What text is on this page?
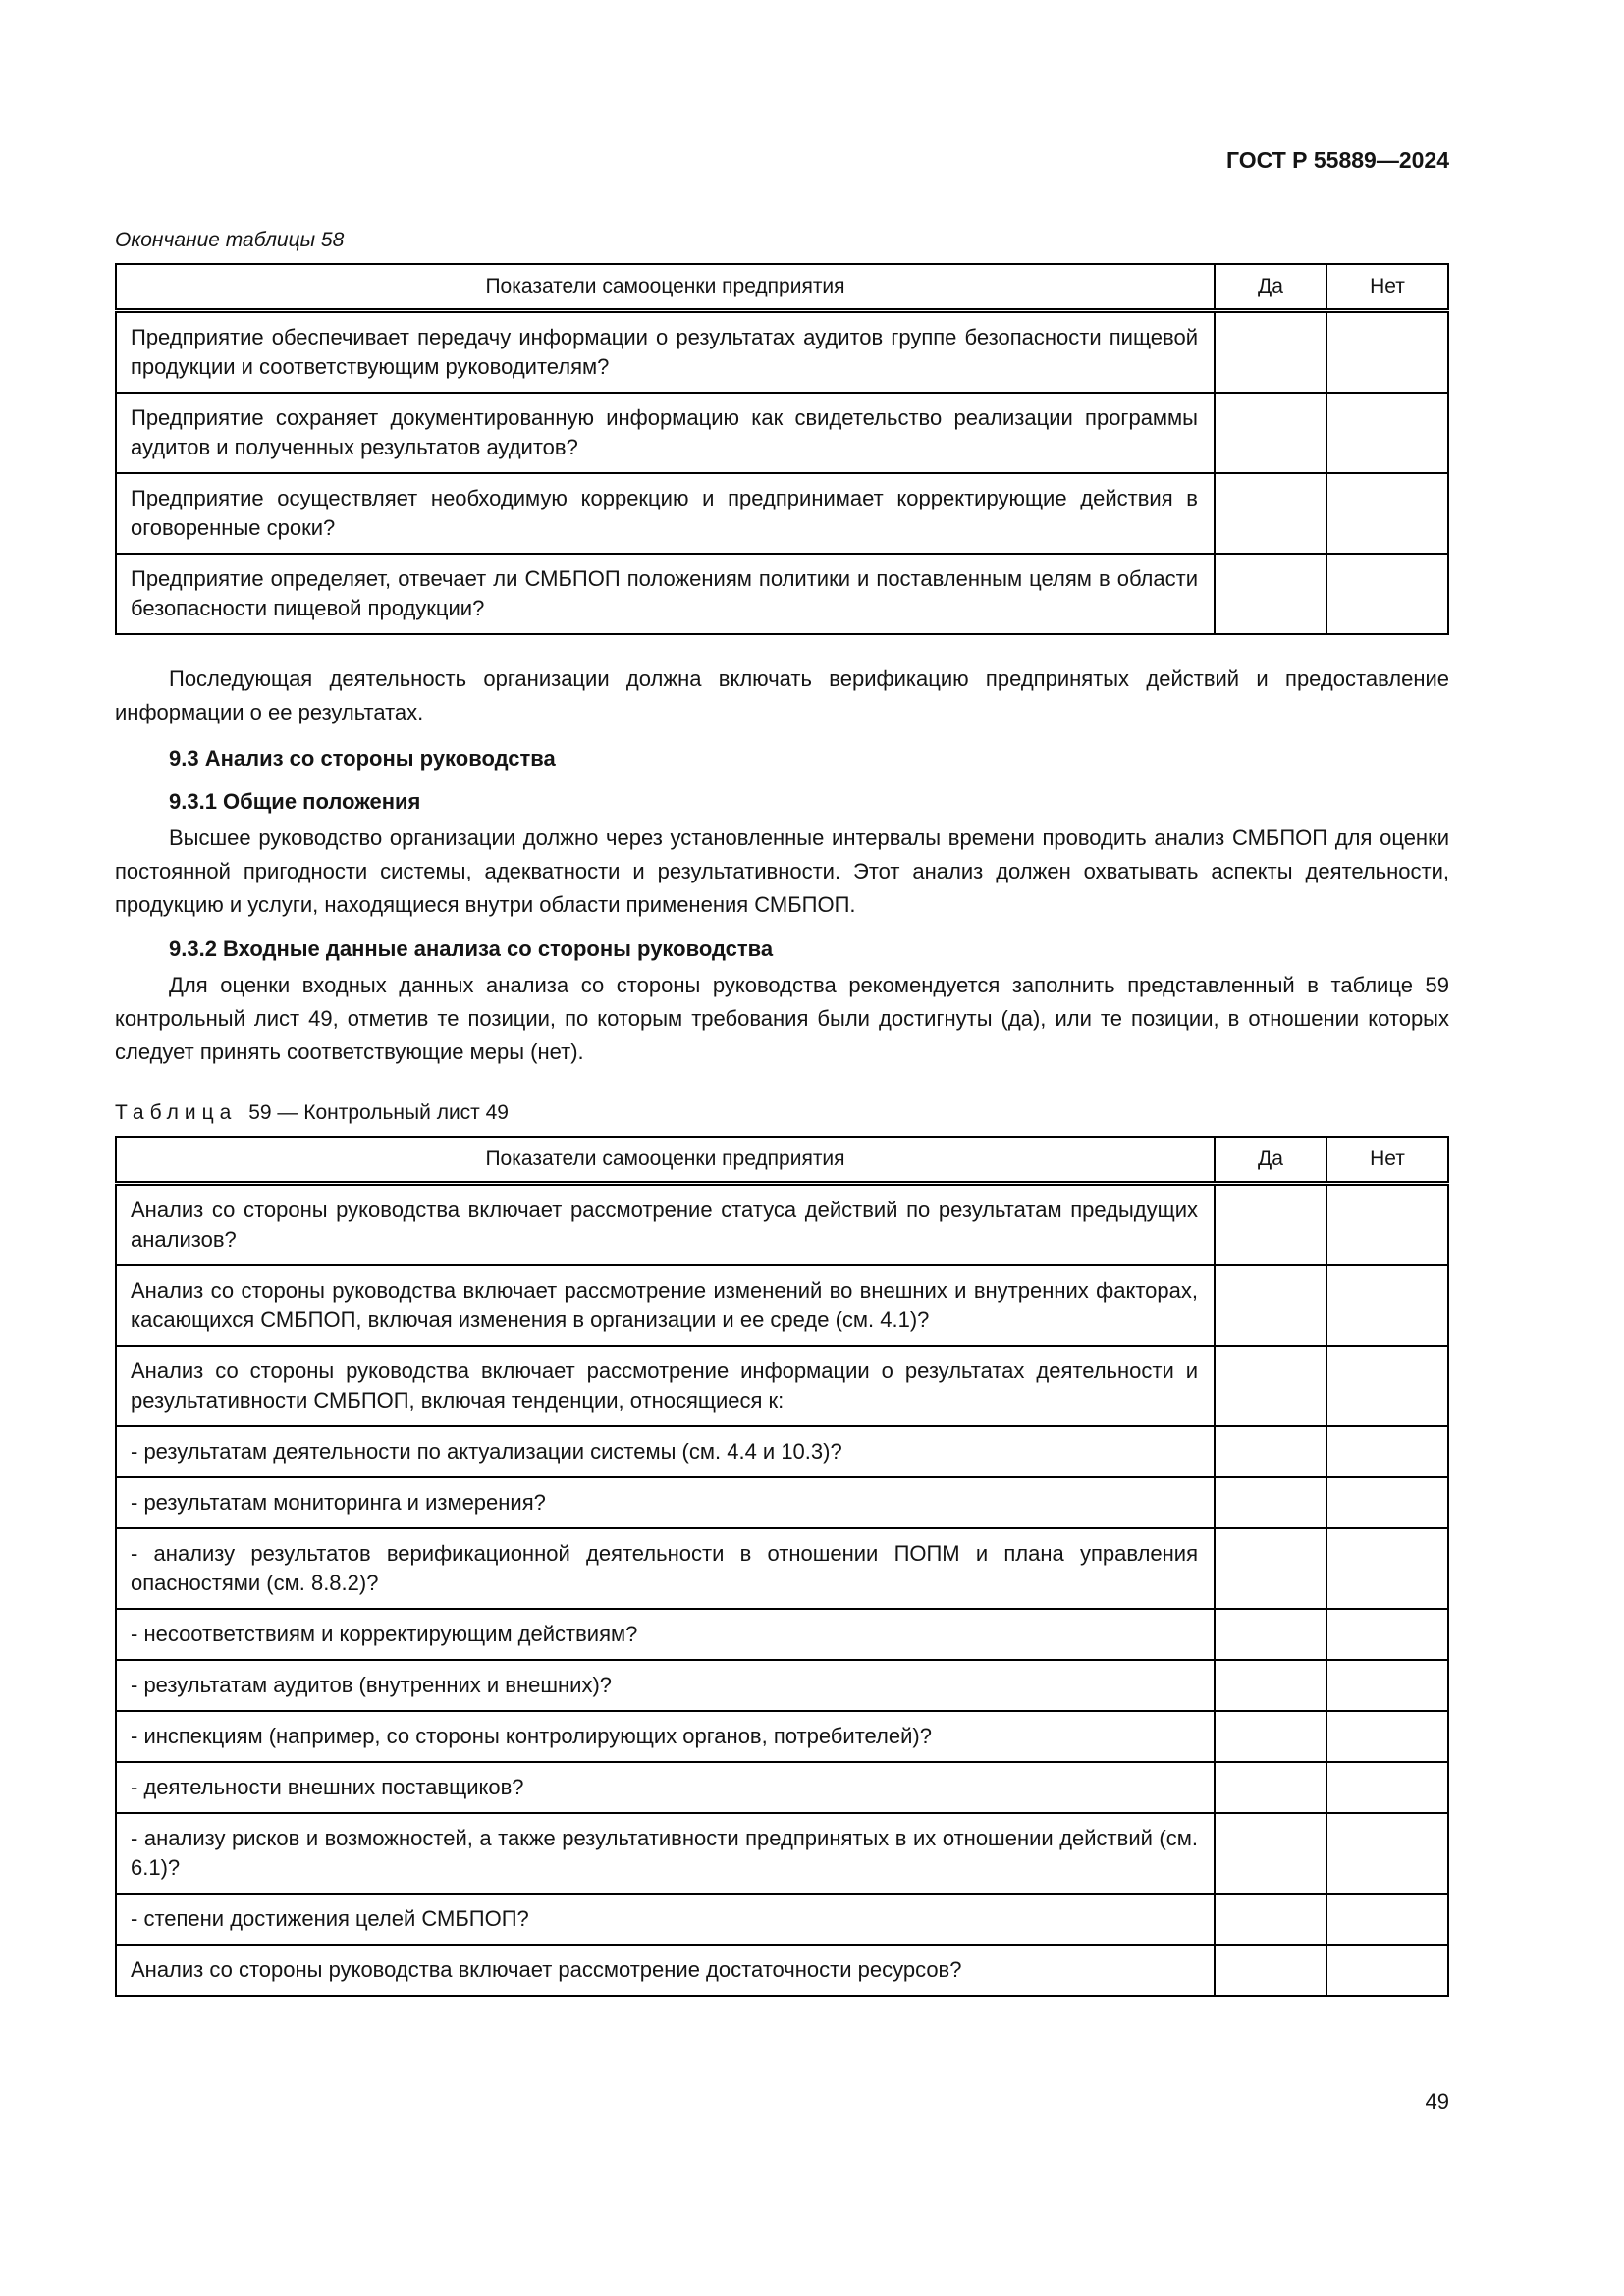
ГОСТ Р 55889—2024

Окончание таблицы 58

Показатели самооценки предприятия	Да	Нет
Предприятие обеспечивает передачу информации о результатах аудитов группе безопасности пищевой продукции и соответствующим руководителям?		
Предприятие сохраняет документированную информацию как свидетельство реализации программы аудитов и полученных результатов аудитов?		
Предприятие осуществляет необходимую коррекцию и предпринимает корректирующие действия в оговоренные сроки?		
Предприятие определяет, отвечает ли СМБПОП положениям политики и поставленным целям в области безопасности пищевой продукции?		

Последующая деятельность организации должна включать верификацию предпринятых действий и предоставление информации о ее результатах.

9.3 Анализ со стороны руководства

9.3.1 Общие положения

Высшее руководство организации должно через установленные интервалы времени проводить анализ СМБПОП для оценки постоянной пригодности системы, адекватности и результативности. Этот анализ должен охватывать аспекты деятельности, продукцию и услуги, находящиеся внутри области применения СМБПОП.

9.3.2 Входные данные анализа со стороны руководства

Для оценки входных данных анализа со стороны руководства рекомендуется заполнить представленный в таблице 59 контрольный лист 49, отметив те позиции, по которым требования были достигнуты (да), или те позиции, в отношении которых следует принять соответствующие меры (нет).

Таблица 59 — Контрольный лист 49

Показатели самооценки предприятия	Да	Нет
Анализ со стороны руководства включает рассмотрение статуса действий по результатам предыдущих анализов?		
Анализ со стороны руководства включает рассмотрение изменений во внешних и внутренних факторах, касающихся СМБПОП, включая изменения в организации и ее среде (см. 4.1)?		
Анализ со стороны руководства включает рассмотрение информации о результатах деятельности и результативности СМБПОП, включая тенденции, относящиеся к:		
- результатам деятельности по актуализации системы (см. 4.4 и 10.3)?		
- результатам мониторинга и измерения?		
- анализу результатов верификационной деятельности в отношении ПОПМ и плана управления опасностями (см. 8.8.2)?		
- несоответствиям и корректирующим действиям?		
- результатам аудитов (внутренних и внешних)?		
- инспекциям (например, со стороны контролирующих органов, потребителей)?		
- деятельности внешних поставщиков?		
- анализу рисков и возможностей, а также результативности предпринятых в их отношении действий (см. 6.1)?		
- степени достижения целей СМБПОП?		
Анализ со стороны руководства включает рассмотрение достаточности ресурсов?		
49
